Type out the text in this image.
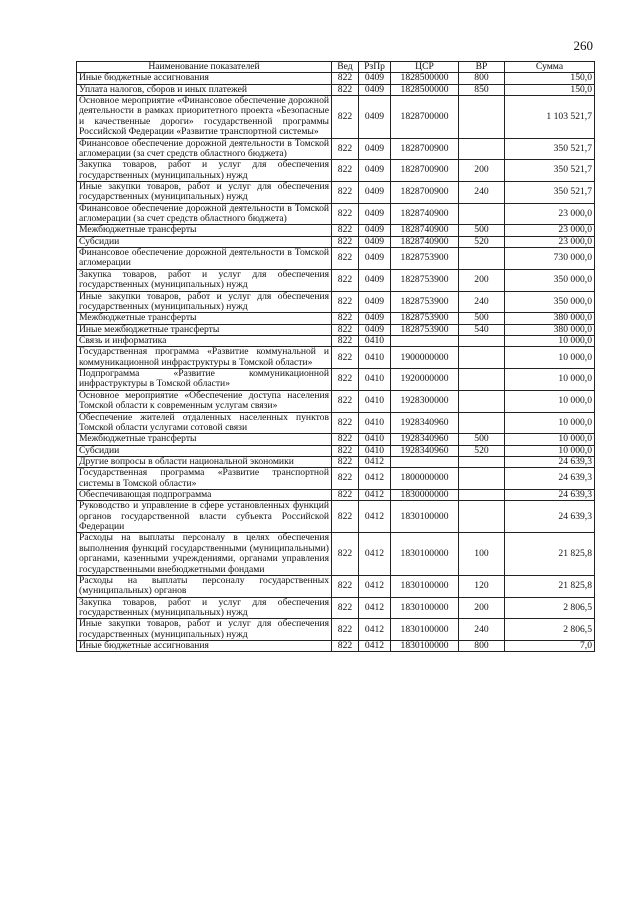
260
Наименование показателей	Вед	РзПр	ЦСР	ВР	Сумма
Иные бюджетные ассигнования	822	0409	1828500000	800	150,0
Уплата налогов, сборов и иных платежей	822	0409	1828500000	850	150,0
Основное мероприятие «Финансовое обеспечение дорожной деятельности в рамках приоритетного проекта «Безопасные и качественные дороги» государственной программы Российской Федерации «Развитие транспортной системы»	822	0409	1828700000		1 103 521,7
Финансовое обеспечение дорожной деятельности в Томской агломерации (за счет средств областного бюджета)	822	0409	1828700900		350 521,7
Закупка товаров, работ и услуг для обеспечения государственных (муниципальных) нужд	822	0409	1828700900	200	350 521,7
Иные закупки товаров, работ и услуг для обеспечения государственных (муниципальных) нужд	822	0409	1828700900	240	350 521,7
Финансовое обеспечение дорожной деятельности в Томской агломерации (за счет средств областного бюджета)	822	0409	1828740900		23 000,0
Межбюджетные трансферты	822	0409	1828740900	500	23 000,0
Субсидии	822	0409	1828740900	520	23 000,0
Финансовое обеспечение дорожной деятельности в Томской агломерации	822	0409	1828753900		730 000,0
Закупка товаров, работ и услуг для обеспечения государственных (муниципальных) нужд	822	0409	1828753900	200	350 000,0
Иные закупки товаров, работ и услуг для обеспечения государственных (муниципальных) нужд	822	0409	1828753900	240	350 000,0
Межбюджетные трансферты	822	0409	1828753900	500	380 000,0
Иные межбюджетные трансферты	822	0409	1828753900	540	380 000,0
Связь и информатика	822	0410			10 000,0
Государственная программа «Развитие коммунальной и коммуникационной инфраструктуры в Томской области»	822	0410	1900000000		10 000,0
Подпрограмма «Развитие коммуникационной инфраструктуры в Томской области»	822	0410	1920000000		10 000,0
Основное мероприятие «Обеспечение доступа населения Томской области к современным услугам связи»	822	0410	1928300000		10 000,0
Обеспечение жителей отдаленных населенных пунктов Томской области услугами сотовой связи	822	0410	1928340960		10 000,0
Межбюджетные трансферты	822	0410	1928340960	500	10 000,0
Субсидии	822	0410	1928340960	520	10 000,0
Другие вопросы в области национальной экономики	822	0412			24 639,3
Государственная программа «Развитие транспортной системы в Томской области»	822	0412	1800000000		24 639,3
Обеспечивающая подпрограмма	822	0412	1830000000		24 639,3
Руководство и управление в сфере установленных функций органов государственной власти субъекта Российской Федерации	822	0412	1830100000		24 639,3
Расходы на выплаты персоналу в целях обеспечения выполнения функций государственными (муниципальными) органами, казенными учреждениями, органами управления государственными внебюджетными фондами	822	0412	1830100000	100	21 825,8
Расходы на выплаты персоналу государственных (муниципальных) органов	822	0412	1830100000	120	21 825,8
Закупка товаров, работ и услуг для обеспечения государственных (муниципальных) нужд	822	0412	1830100000	200	2 806,5
Иные закупки товаров, работ и услуг для обеспечения государственных (муниципальных) нужд	822	0412	1830100000	240	2 806,5
Иные бюджетные ассигнования	822	0412	1830100000	800	7,0
